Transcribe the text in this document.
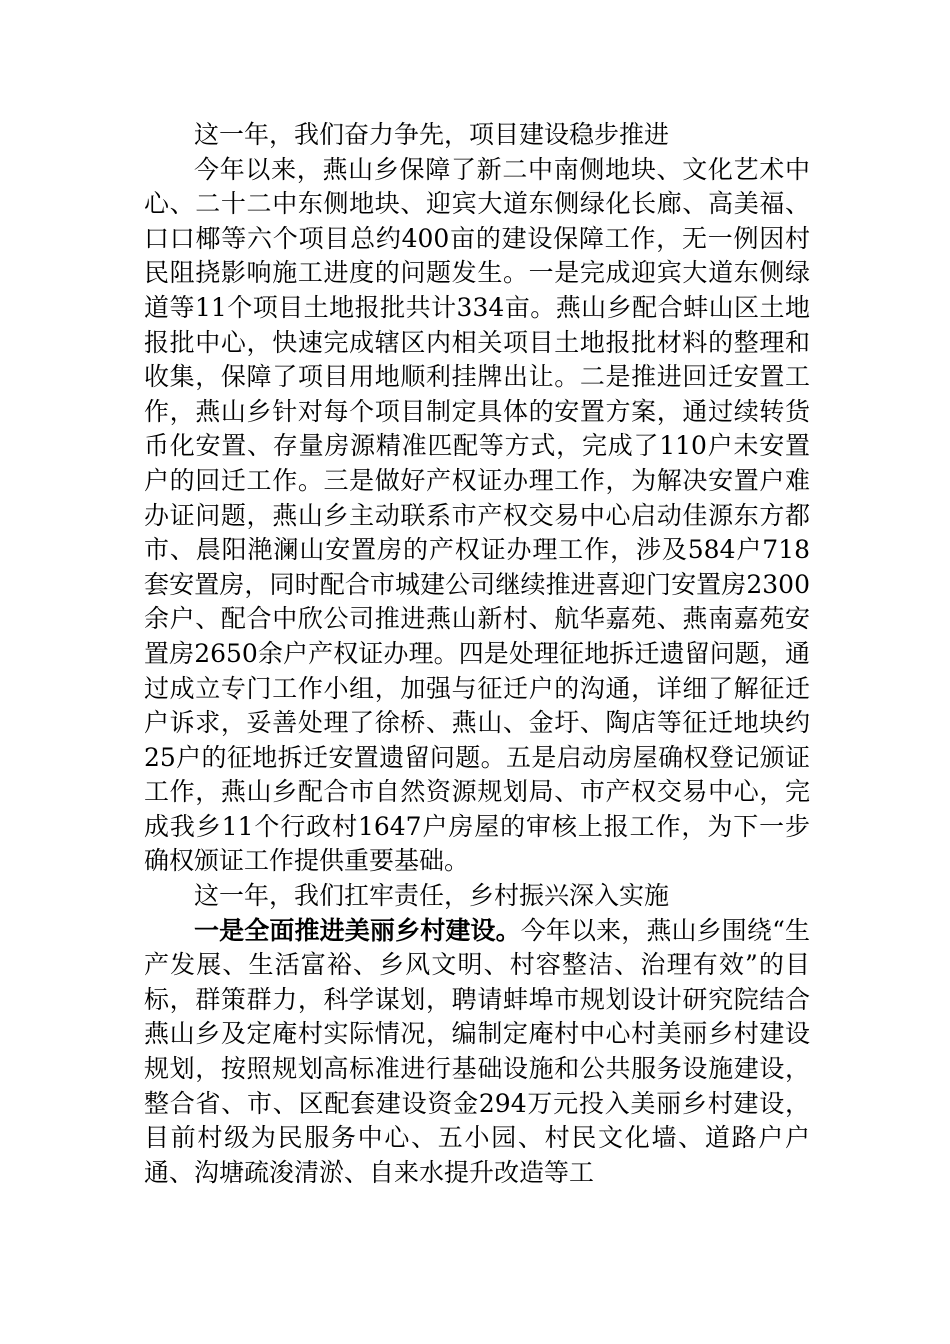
这一年，我们奋力争先，项目建设稳步推进

今年以来，燕山乡保障了新二中南侧地块、文化艺术中心、二十二中东侧地块、迎宾大道东侧绿化长廊、高美福、口口椰等六个项目总约400亩的建设保障工作，无一例因村民阻挠影响施工进度的问题发生。一是完成迎宾大道东侧绿道等11个项目土地报批共计334亩。燕山乡配合蚌山区土地报批中心，快速完成辖区内相关项目土地报批材料的整理和收集，保障了项目用地顺利挂牌出让。二是推进回迁安置工作，燕山乡针对每个项目制定具体的安置方案，通过续转货币化安置、存量房源精准匹配等方式，完成了110户未安置户的回迁工作。三是做好产权证办理工作，为解决安置户难办证问题，燕山乡主动联系市产权交易中心启动佳源东方都市、晨阳滟澜山安置房的产权证办理工作，涉及584户718套安置房，同时配合市城建公司继续推进喜迎门安置房2300余户、配合中欣公司推进燕山新村、航华嘉苑、燕南嘉苑安置房2650余户产权证办理。四是处理征地拆迁遗留问题，通过成立专门工作小组，加强与征迁户的沟通，详细了解征迁户诉求，妥善处理了徐桥、燕山、金圩、陶店等征迁地块约25户的征地拆迁安置遗留问题。五是启动房屋确权登记颁证工作，燕山乡配合市自然资源规划局、市产权交易中心，完成我乡11个行政村1647户房屋的审核上报工作，为下一步确权颁证工作提供重要基础。

这一年，我们扛牢责任，乡村振兴深入实施

一是全面推进美丽乡村建设。今年以来，燕山乡围绕“生产发展、生活富裕、乡风文明、村容整洁、治理有效”的目标，群策群力，科学谋划，聘请蚌埠市规划设计研究院结合燕山乡及定庵村实际情况，编制定庵村中心村美丽乡村建设规划，按照规划高标准进行基础设施和公共服务设施建设，整合省、市、区配套建设资金294万元投入美丽乡村建设，目前村级为民服务中心、五小园、村民文化墙、道路户户通、沟塘疏浚清淤、自来水提升改造等工
